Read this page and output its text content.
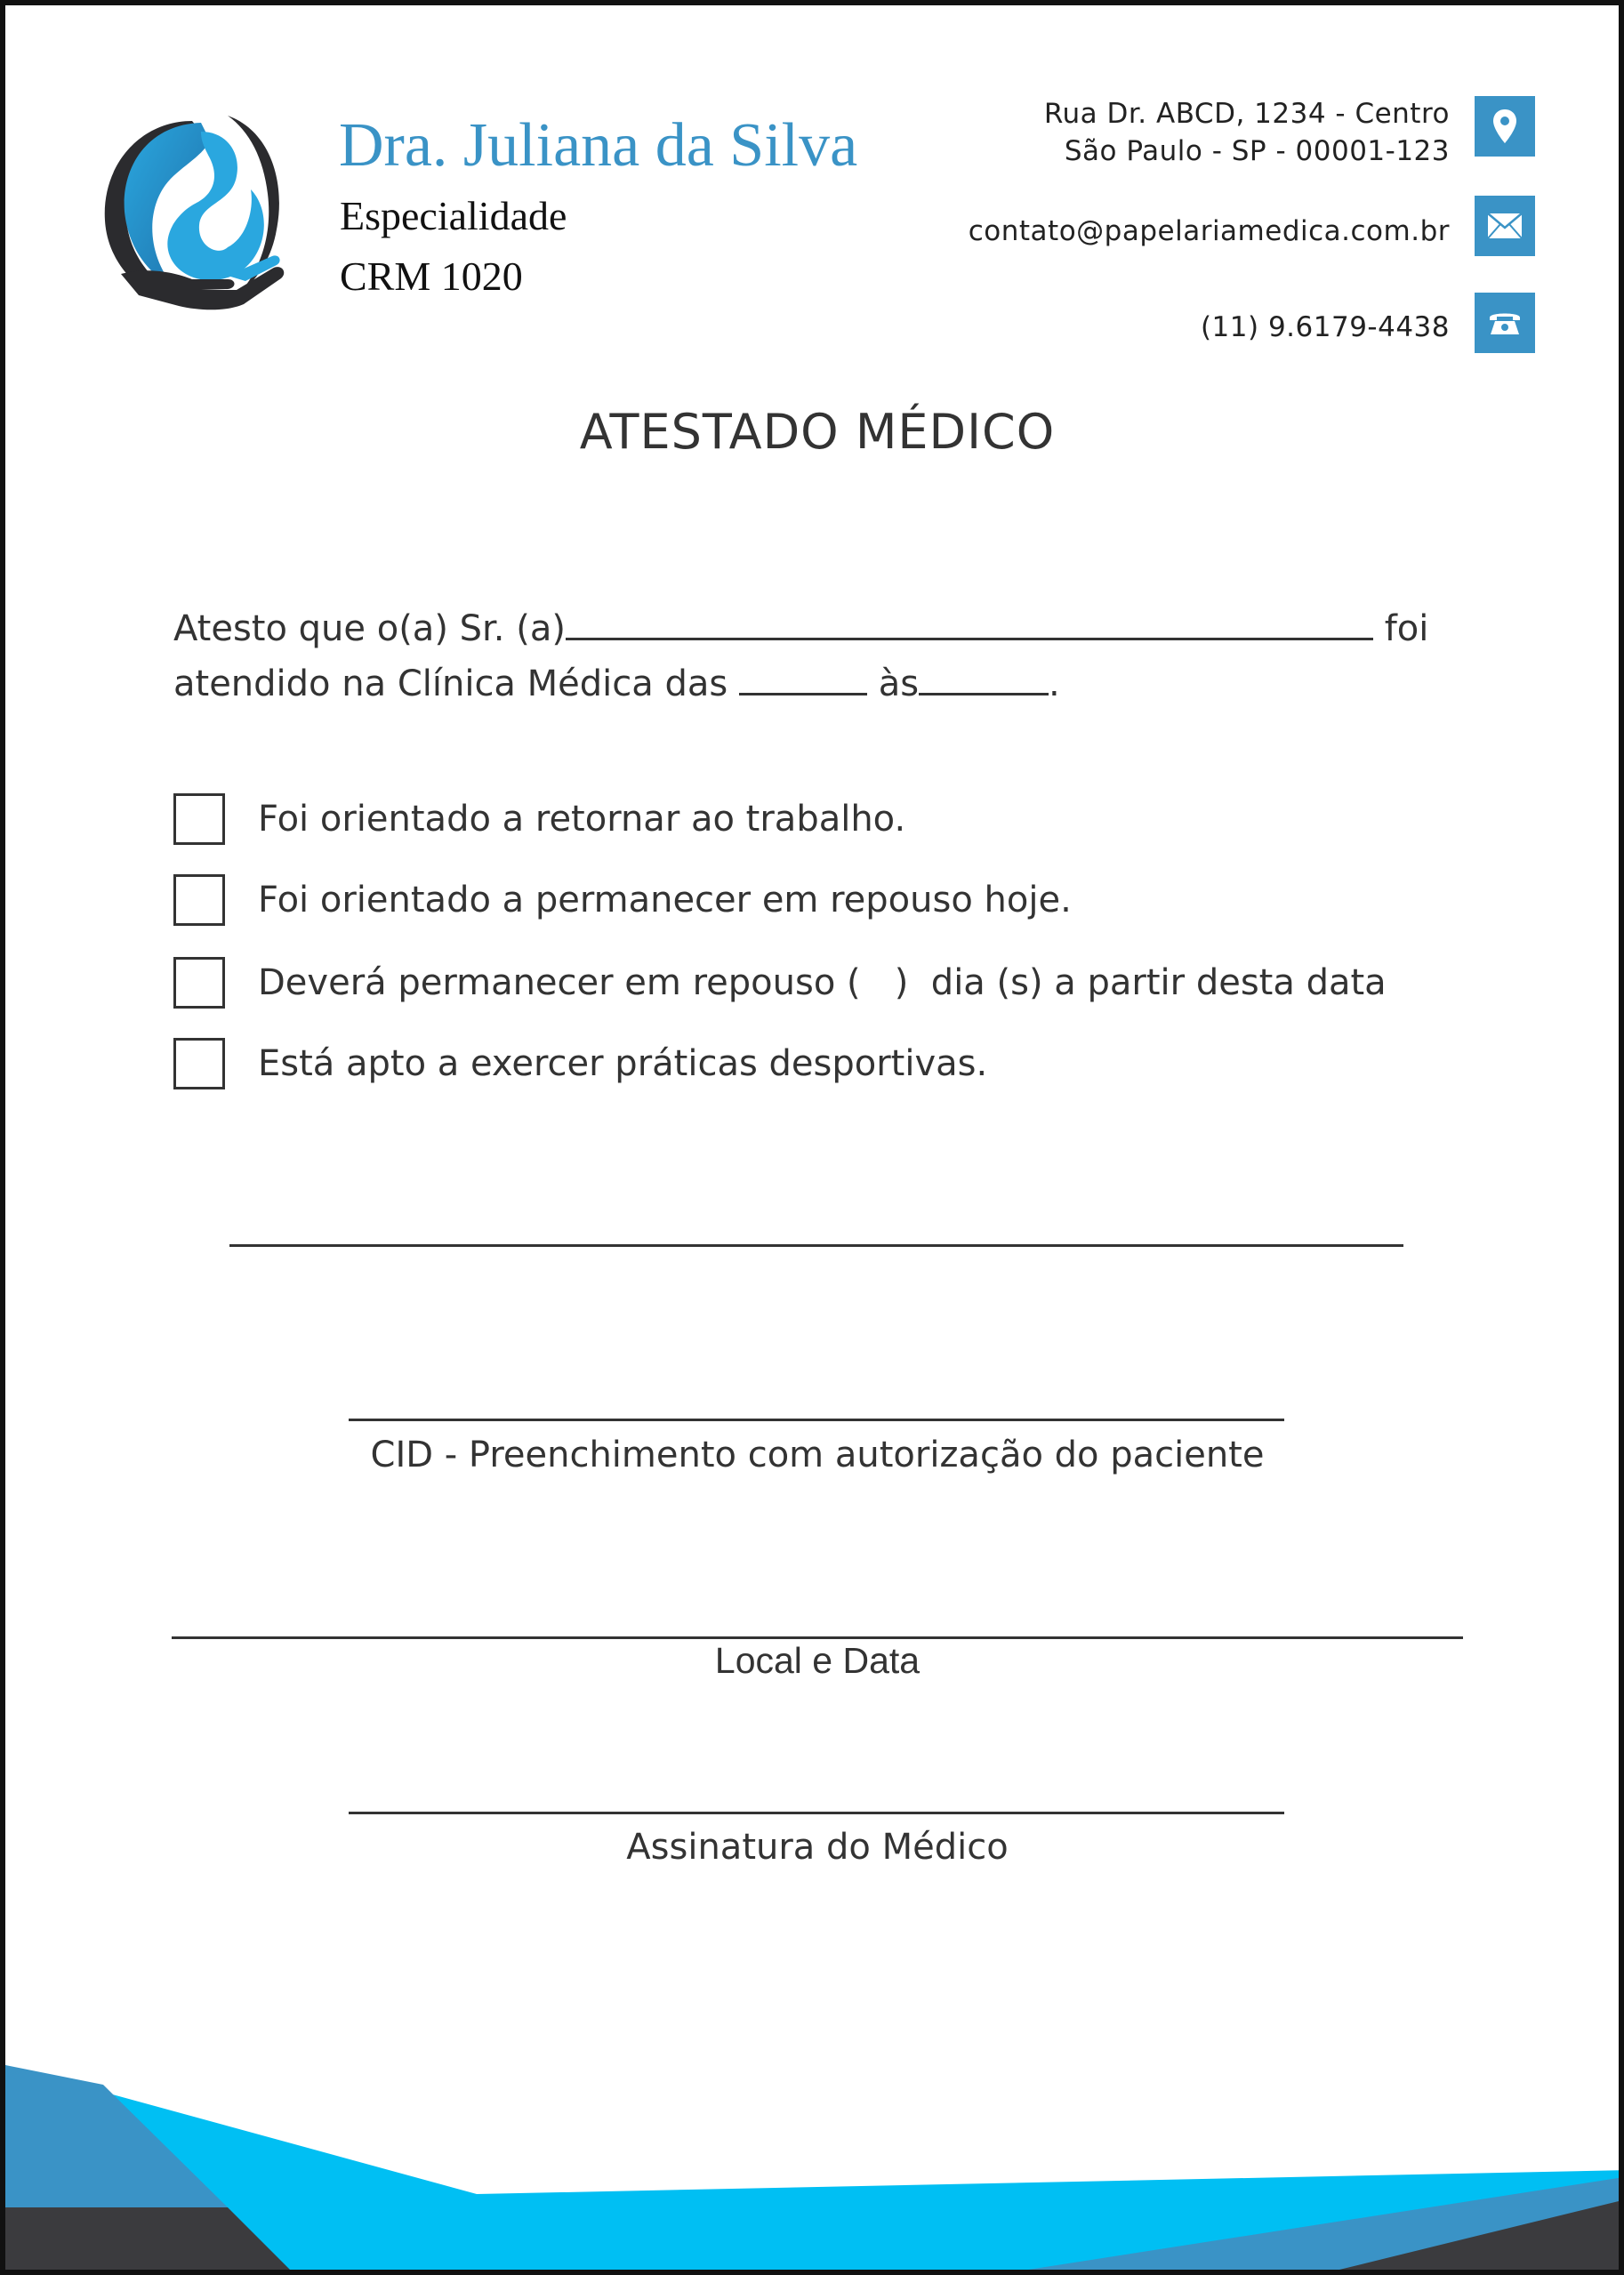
Dra. Juliana da Silva
Especialidade
CRM 1020
Rua Dr. ABCD, 1234 - Centro
São Paulo - SP - 00001-123
contato@papelariamedica.com.br
(11) 9.6179-4438
ATESTADO MÉDICO
Atesto que o(a) Sr. (a)	foi
atendido na Clínica Médica das	às	.
Foi orientado a retornar ao trabalho.
Foi orientado a permanecer em repouso hoje.
Deverá permanecer em repouso (   )  dia (s) a partir desta data
Está apto a exercer práticas desportivas.
CID - Preenchimento com autorização do paciente
Local e Data
Assinatura do Médico
